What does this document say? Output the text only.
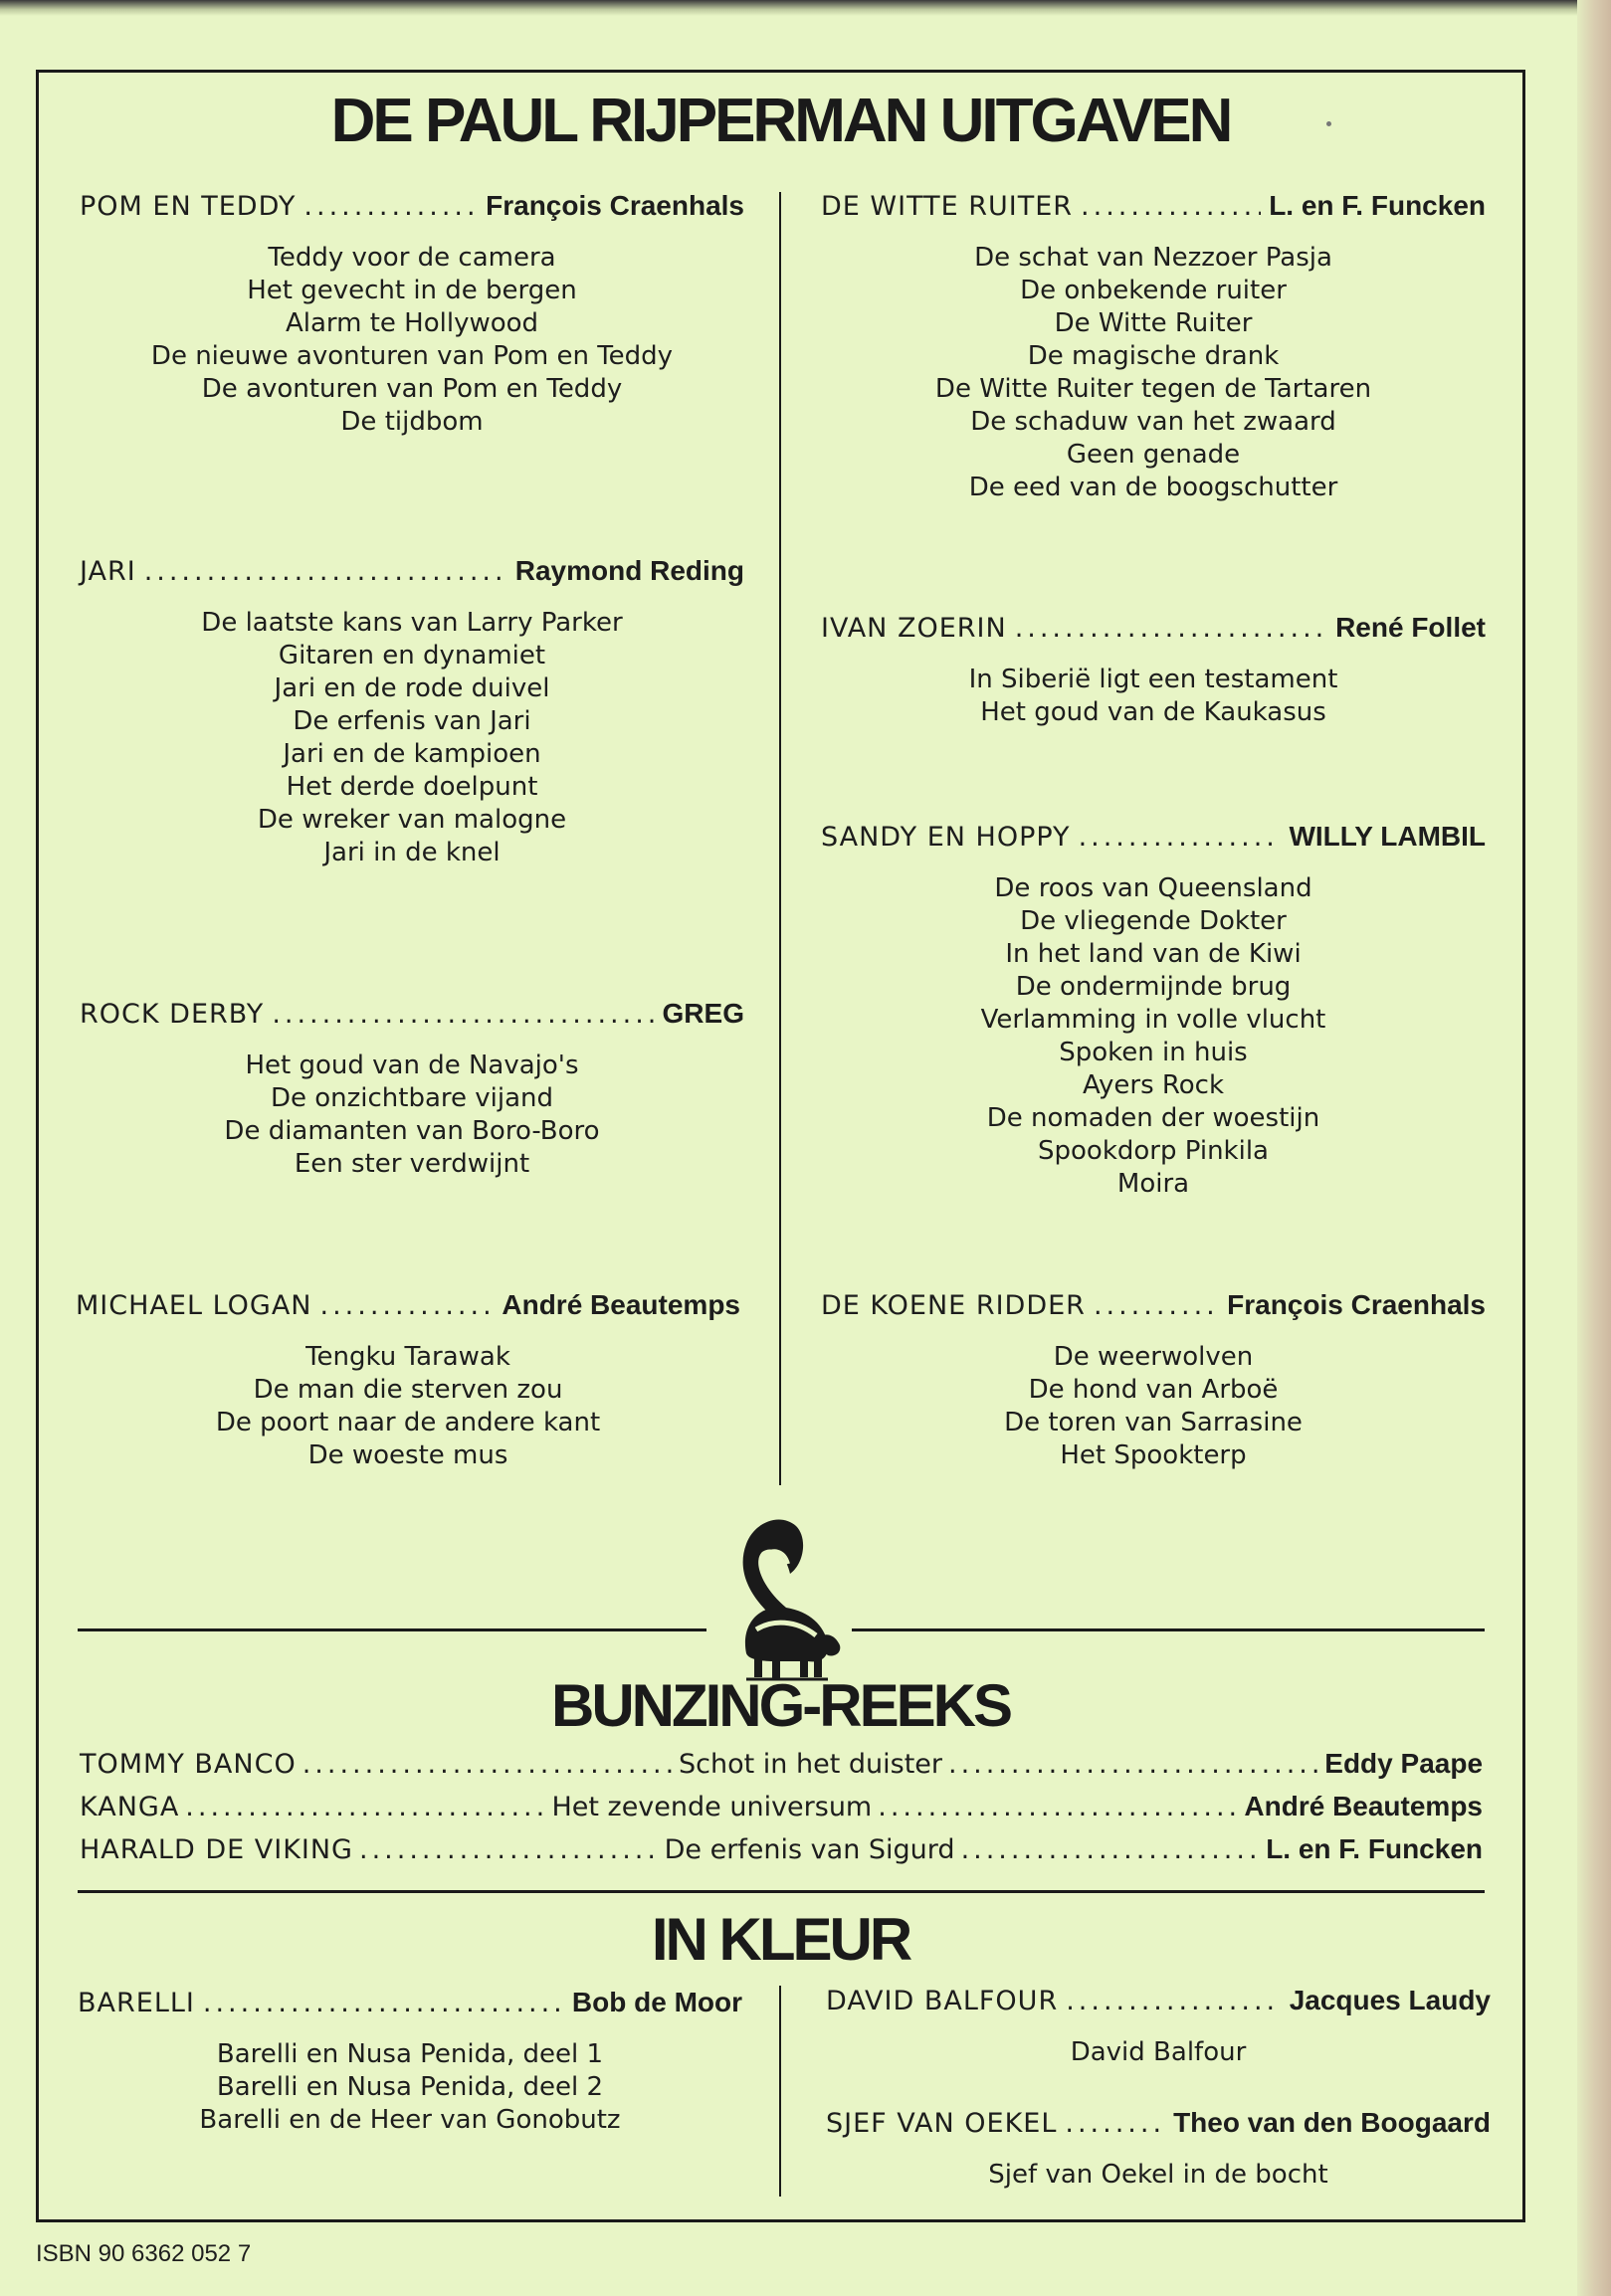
DE PAUL RIJPERMAN UITGAVEN
POM EN TEDDY .....	François Craenhals
Teddy voor de camera
Het gevecht in de bergen
Alarm te Hollywood
De nieuwe avonturen van Pom en Teddy
De avonturen van Pom en Teddy
De tijdbom
JARI .....	Raymond Reding
De laatste kans van Larry Parker
Gitaren en dynamiet
Jari en de rode duivel
De erfenis van Jari
Jari en de kampioen
Het derde doelpunt
De wreker van malogne
Jari in de knel
ROCK DERBY .....	GREG
Het goud van de Navajo's
De onzichtbare vijand
De diamanten van Boro-Boro
Een ster verdwijnt
MICHAEL LOGAN .....	André Beautemps
Tengku Tarawak
De man die sterven zou
De poort naar de andere kant
De woeste mus
DE WITTE RUITER .....	L. en F. Funcken
De schat van Nezzoer Pasja
De onbekende ruiter
De Witte Ruiter
De magische drank
De Witte Ruiter tegen de Tartaren
De schaduw van het zwaard
Geen genade
De eed van de boogschutter
IVAN ZOERIN .....	René Follet
In Siberië ligt een testament
Het goud van de Kaukasus
SANDY EN HOPPY .....	WILLY LAMBIL
De roos van Queensland
De vliegende Dokter
In het land van de Kiwi
De ondermijnde brug
Verlamming in volle vlucht
Spoken in huis
Ayers Rock
De nomaden der woestijn
Spookdorp Pinkila
Moira
DE KOENE RIDDER .....	François Craenhals
De weerwolven
De hond van Arboë
De toren van Sarrasine
Het Spookterp
BUNZING-REEKS
TOMMY BANCO .....	Schot in het duister .....	Eddy Paape
KANGA .....	Het zevende universum .....	André Beautemps
HARALD DE VIKING .....	De erfenis van Sigurd .....	L. en F. Funcken
IN KLEUR
BARELLI .....	Bob de Moor
Barelli en Nusa Penida, deel 1
Barelli en Nusa Penida, deel 2
Barelli en de Heer van Gonobutz
DAVID BALFOUR .....	Jacques Laudy
David Balfour
SJEF VAN OEKEL .....	Theo van den Boogaard
Sjef van Oekel in de bocht
ISBN 90 6362 052 7
